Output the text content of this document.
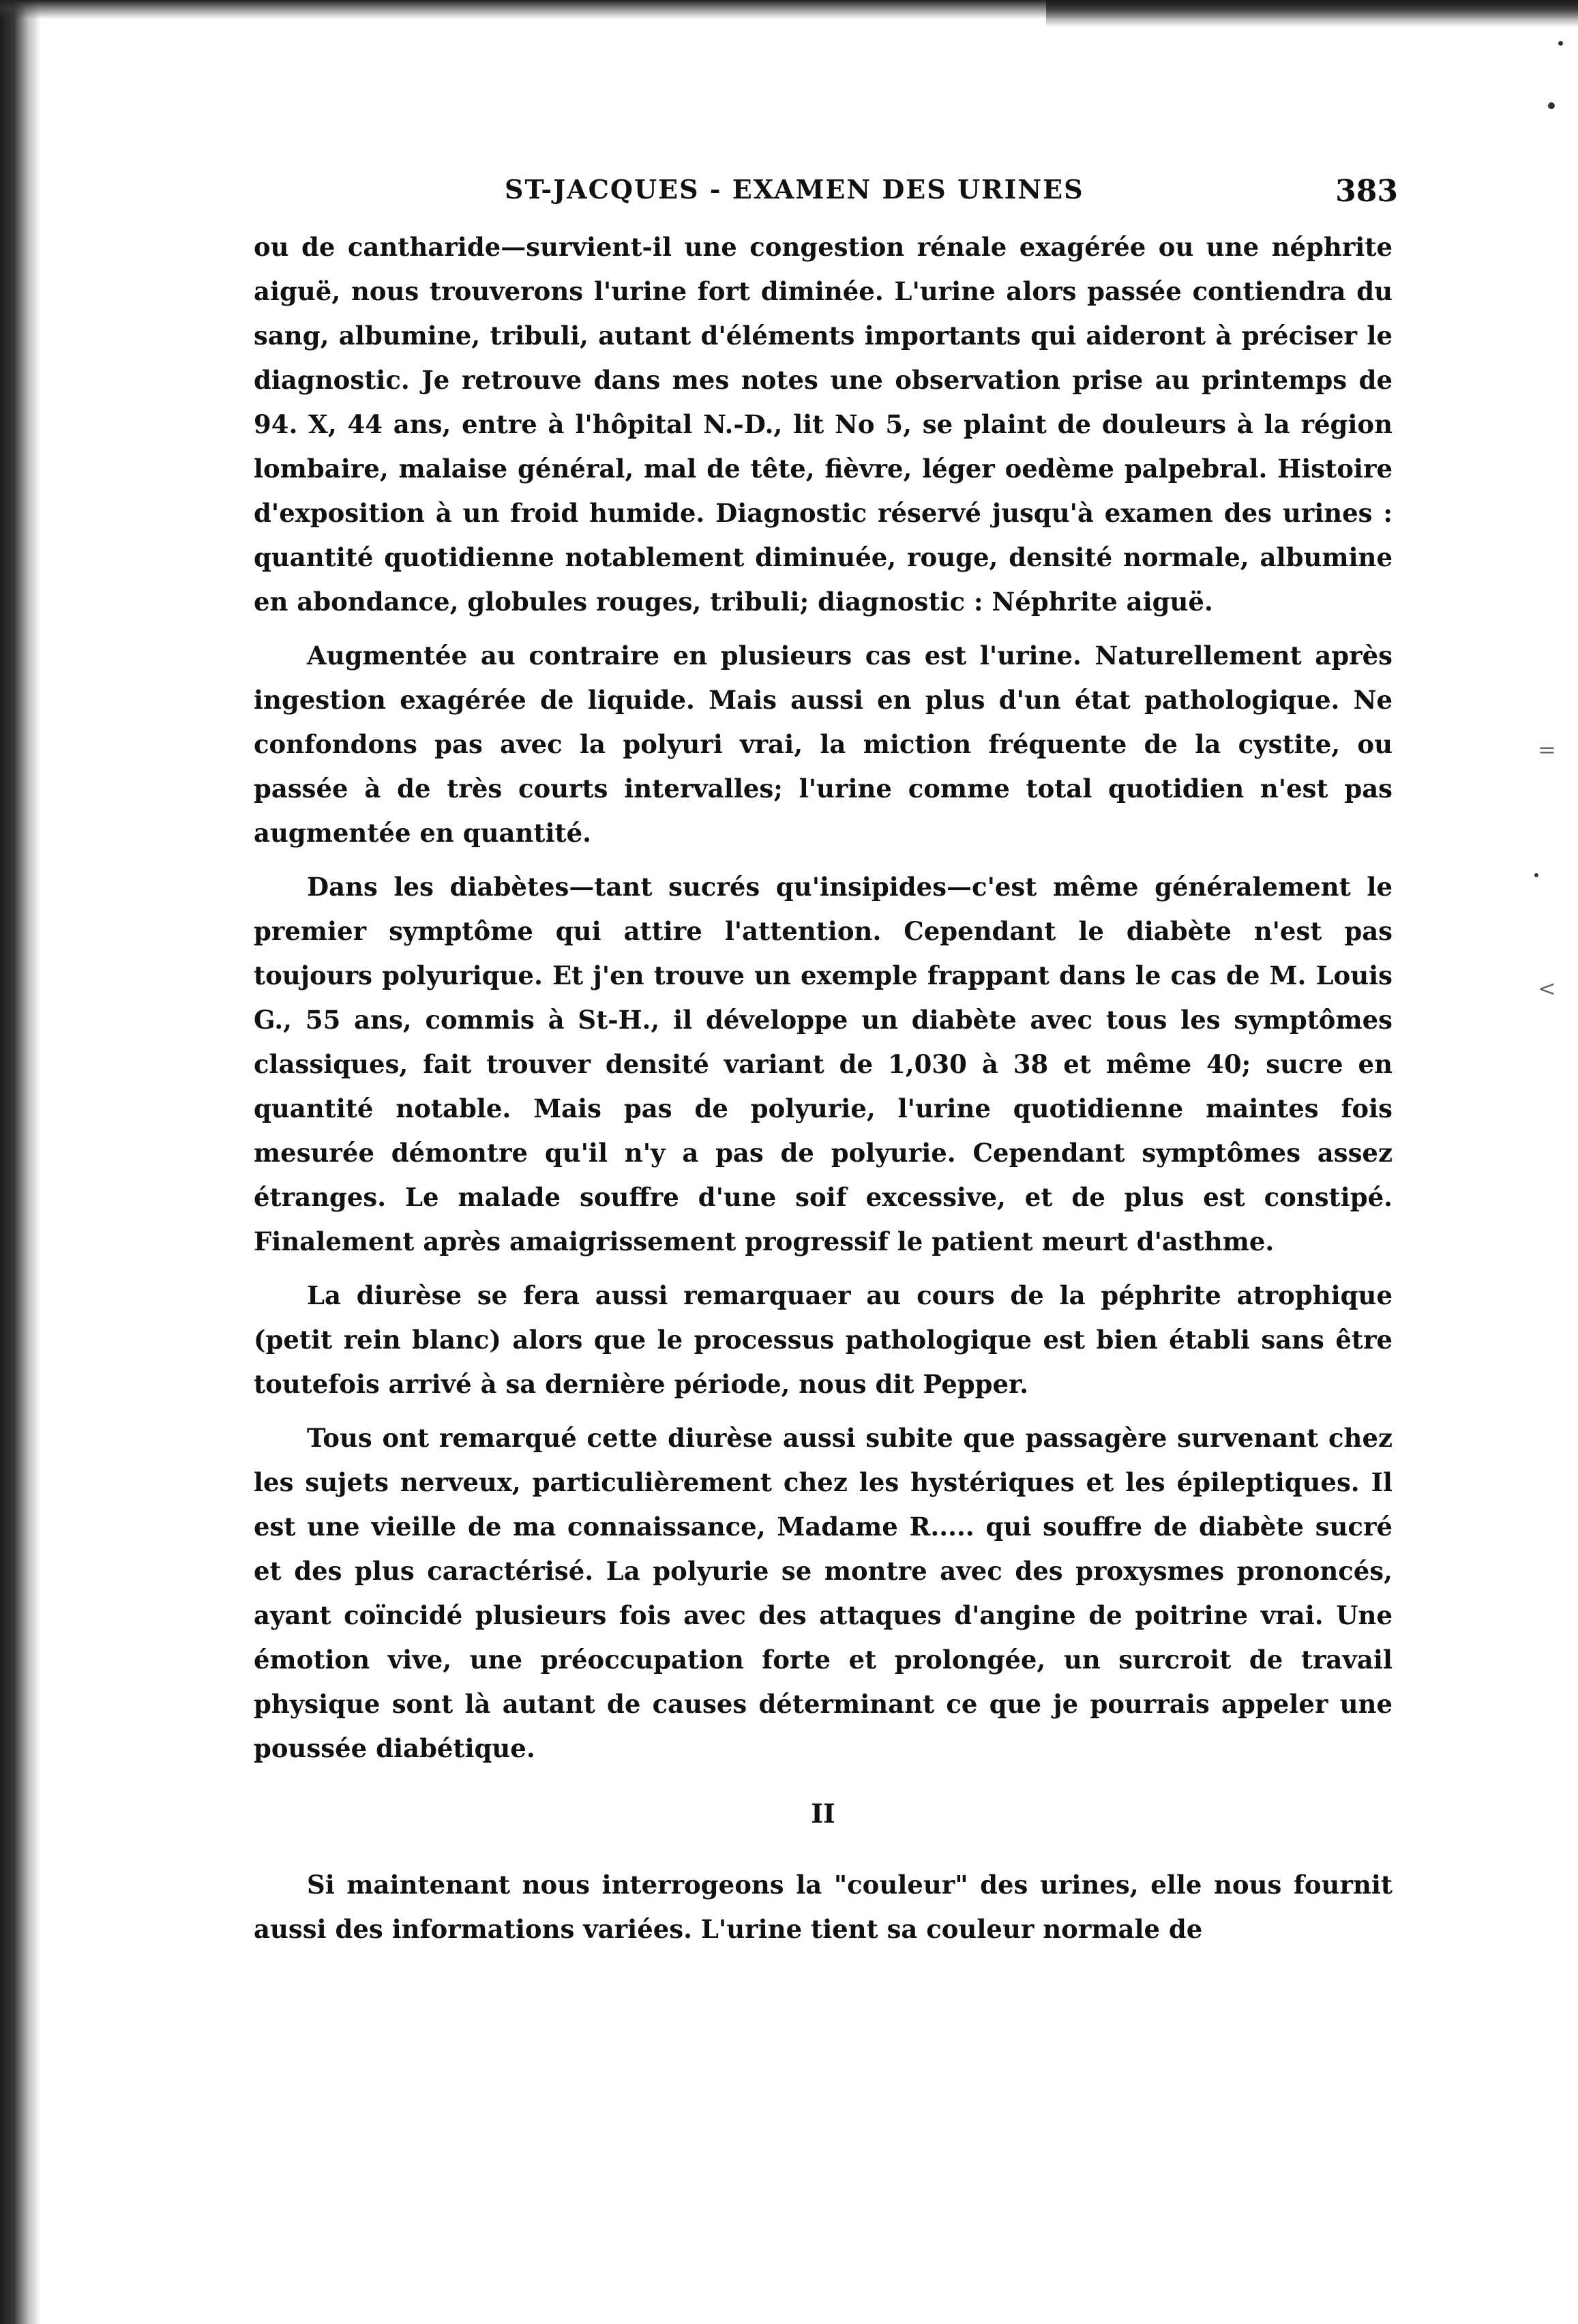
ST-JACQUES - EXAMEN DES URINES	383

ou de cantharide—survient-il une congestion rénale exagérée ou une néphrite aiguë, nous trouverons l'urine fort diminée. L'urine alors passée contiendra du sang, albumine, tribuli, autant d'éléments importants qui aideront à préciser le diagnostic. Je retrouve dans mes notes une observation prise au printemps de 94. X, 44 ans, entre à l'hôpital N.-D., lit No 5, se plaint de douleurs à la région lombaire, malaise général, mal de tête, fièvre, léger oedème palpebral. Histoire d'exposition à un froid humide. Diagnostic réservé jusqu'à examen des urines : quantité quotidienne notablement diminuée, rouge, densité normale, albumine en abondance, globules rouges, tribuli; diagnostic : Néphrite aiguë.

Augmentée au contraire en plusieurs cas est l'urine. Naturellement après ingestion exagérée de liquide. Mais aussi en plus d'un état pathologique. Ne confondons pas avec la polyuri vrai, la miction fréquente de la cystite, ou passée à de très courts intervalles; l'urine comme total quotidien n'est pas augmentée en quantité.

Dans les diabètes—tant sucrés qu'insipides—c'est même généralement le premier symptôme qui attire l'attention. Cependant le diabète n'est pas toujours polyurique. Et j'en trouve un exemple frappant dans le cas de M. Louis G., 55 ans, commis à St-H., il développe un diabète avec tous les symptômes classiques, fait trouver densité variant de 1,030 à 38 et même 40; sucre en quantité notable. Mais pas de polyurie, l'urine quotidienne maintes fois mesurée démontre qu'il n'y a pas de polyurie. Cependant symptômes assez étranges. Le malade souffre d'une soif excessive, et de plus est constipé. Finalement après amaigrissement progressif le patient meurt d'asthme.

La diurèse se fera aussi remarquaer au cours de la péphrite atrophique (petit rein blanc) alors que le processus pathologique est bien établi sans être toutefois arrivé à sa dernière période, nous dit Pepper.

Tous ont remarqué cette diurèse aussi subite que passagère survenant chez les sujets nerveux, particulièrement chez les hystériques et les épileptiques. Il est une vieille de ma connaissance, Madame R..... qui souffre de diabète sucré et des plus caractérisé. La polyurie se montre avec des proxysmes prononcés, ayant coïncidé plusieurs fois avec des attaques d'angine de poitrine vrai. Une émotion vive, une préoccupation forte et prolongée, un surcroit de travail physique sont là autant de causes déterminant ce que je pourrais appeler une poussée diabétique.

II

Si maintenant nous interrogeons la "couleur" des urines, elle nous fournit aussi des informations variées. L'urine tient sa couleur normale de

=
<
